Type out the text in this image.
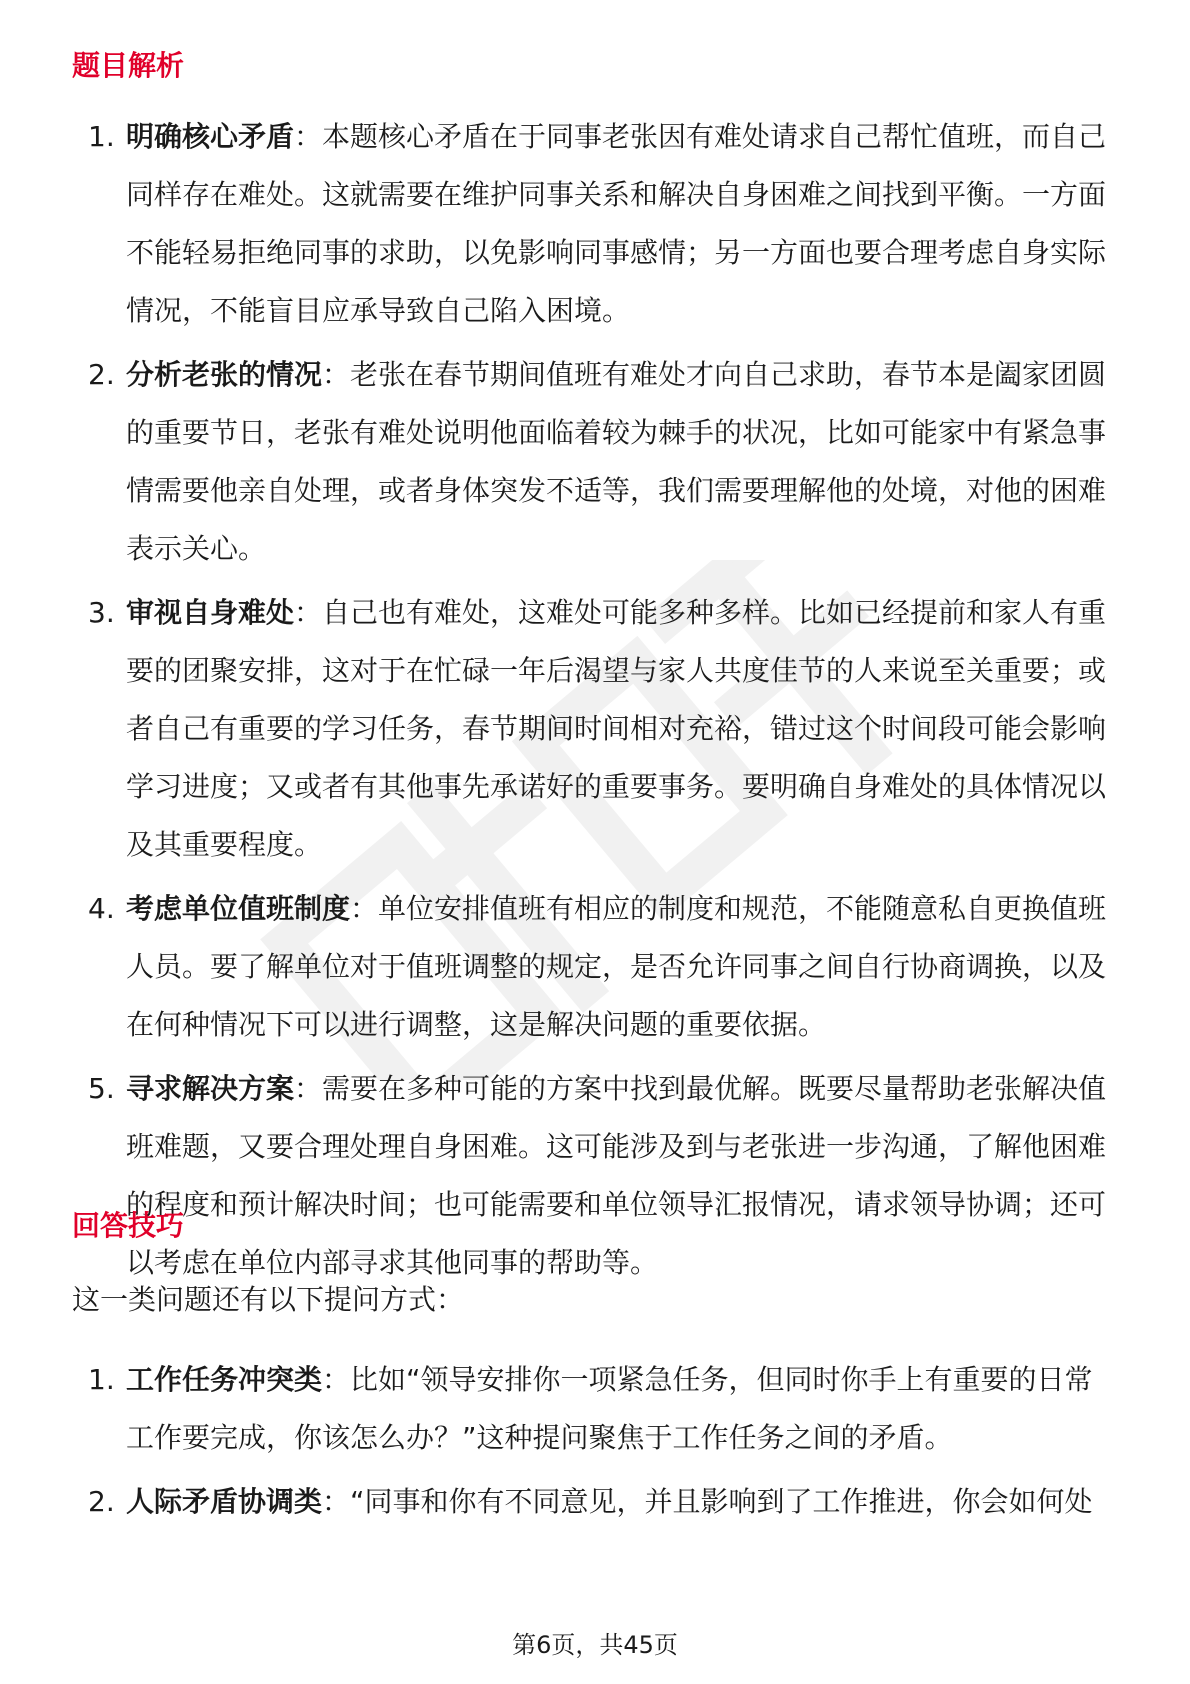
题目解析
1. 明确核心矛盾：本题核心矛盾在于同事老张因有难处请求自己帮忙值班，而自己同样存在难处。这就需要在维护同事关系和解决自身困难之间找到平衡。一方面不能轻易拒绝同事的求助，以免影响同事感情；另一方面也要合理考虑自身实际情况，不能盲目应承导致自己陷入困境。
2. 分析老张的情况：老张在春节期间值班有难处才向自己求助，春节本是阖家团圆的重要节日，老张有难处说明他面临着较为棘手的状况，比如可能家中有紧急事情需要他亲自处理，或者身体突发不适等，我们需要理解他的处境，对他的困难表示关心。
3. 审视自身难处：自己也有难处，这难处可能多种多样。比如已经提前和家人有重要的团聚安排，这对于在忙碌一年后渴望与家人共度佳节的人来说至关重要；或者自己有重要的学习任务，春节期间时间相对充裕，错过这个时间段可能会影响学习进度；又或者有其他事先承诺好的重要事务。要明确自身难处的具体情况以及其重要程度。
4. 考虑单位值班制度：单位安排值班有相应的制度和规范，不能随意私自更换值班人员。要了解单位对于值班调整的规定，是否允许同事之间自行协商调换，以及在何种情况下可以进行调整，这是解决问题的重要依据。
5. 寻求解决方案：需要在多种可能的方案中找到最优解。既要尽量帮助老张解决值班难题，又要合理处理自身困难。这可能涉及到与老张进一步沟通，了解他困难的程度和预计解决时间；也可能需要和单位领导汇报情况，请求领导协调；还可以考虑在单位内部寻求其他同事的帮助等。
回答技巧
这一类问题还有以下提问方式：
1. 工作任务冲突类：比如“领导安排你一项紧急任务，但同时你手上有重要的日常工作要完成，你该怎么办？”这种提问聚焦于工作任务之间的矛盾。
2. 人际矛盾协调类：“同事和你有不同意见，并且影响到了工作推进，你会如何处
第6页，共45页
